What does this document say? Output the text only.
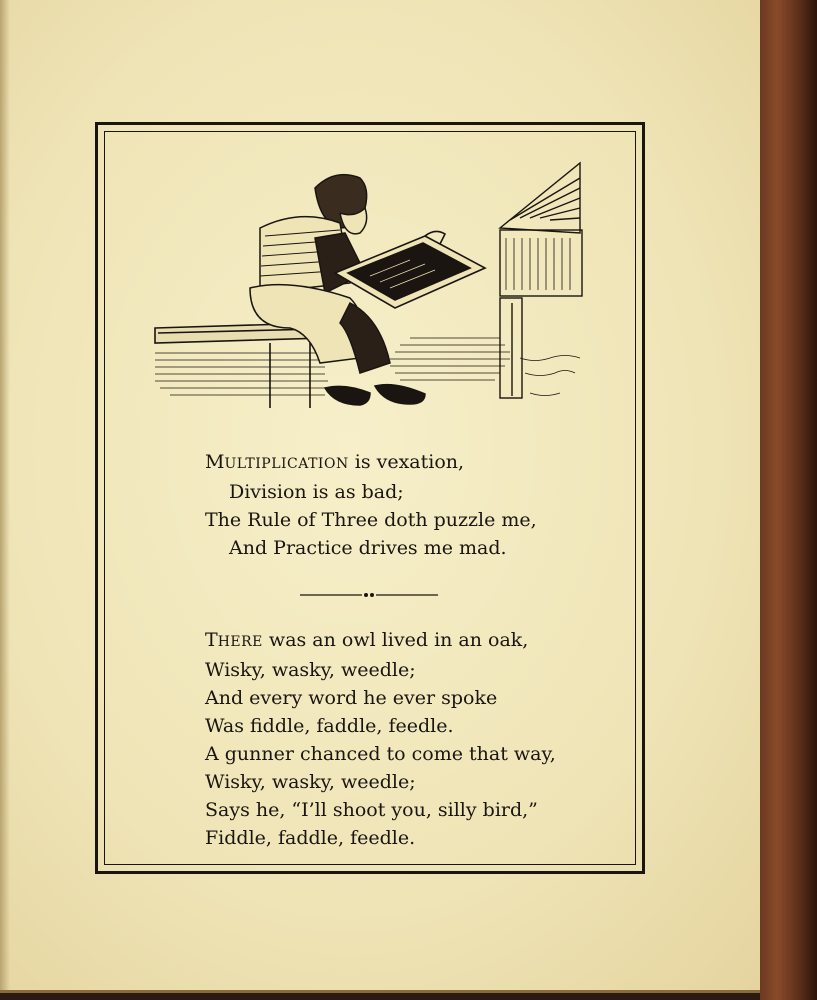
MULTIPLICATION is vexation,
Division is as bad;
The Rule of Three doth puzzle me,
And Practice drives me mad.
THERE was an owl lived in an oak,
Wisky, wasky, weedle;
And every word he ever spoke
Was fiddle, faddle, feedle.
A gunner chanced to come that way,
Wisky, wasky, weedle;
Says he, “I’ll shoot you, silly bird,”
Fiddle, faddle, feedle.
